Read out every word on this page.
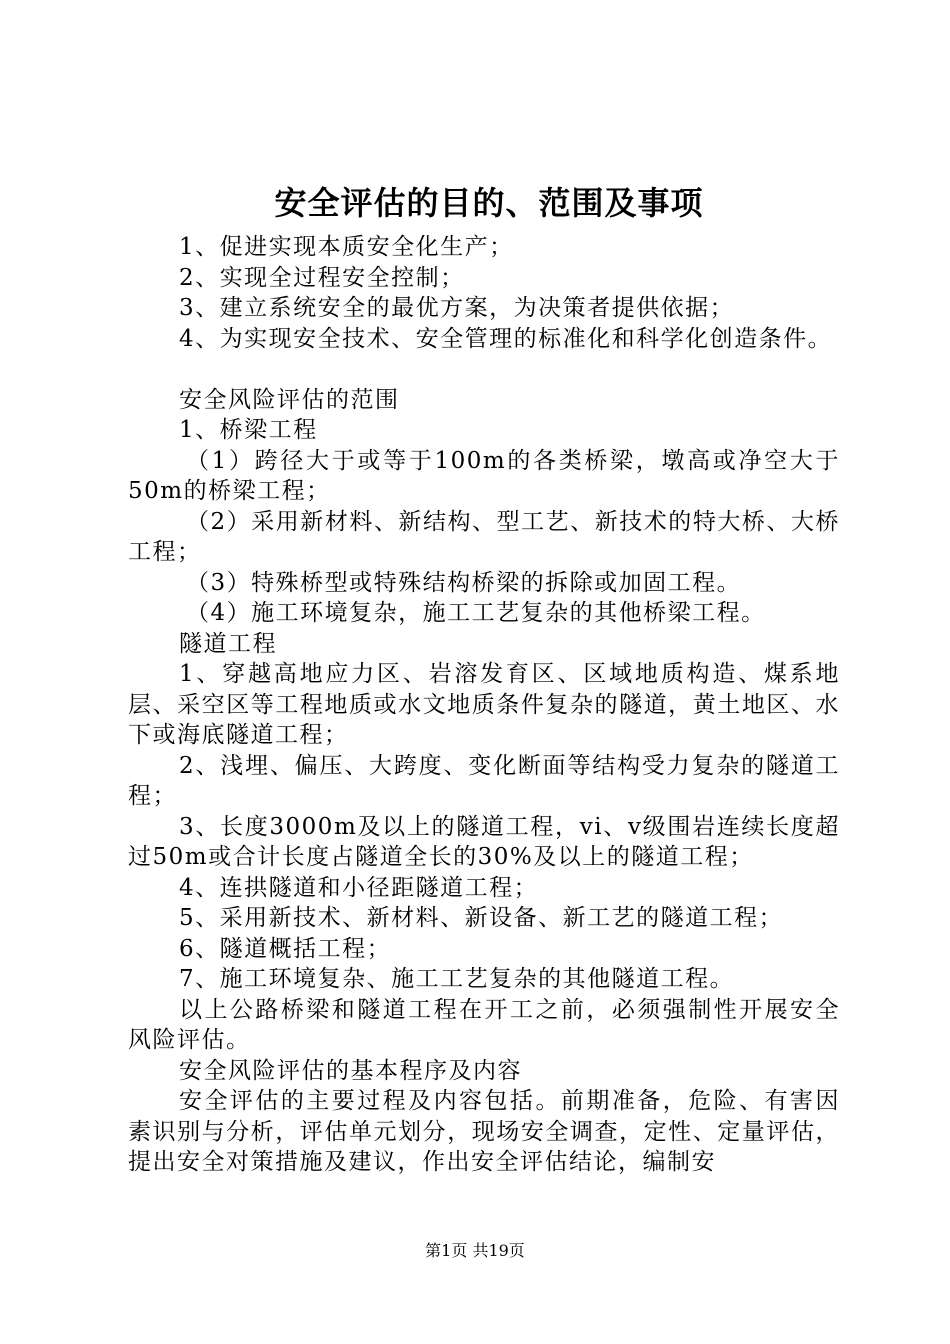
安全评估的目的、范围及事项

1、促进实现本质安全化生产；

2、实现全过程安全控制；

3、建立系统安全的最优方案，为决策者提供依据；

4、为实现安全技术、安全管理的标准化和科学化创造条件。

安全风险评估的范围

1、桥梁工程

（1）跨径大于或等于100m的各类桥梁，墩高或净空大于50m的桥梁工程；

（2）采用新材料、新结构、型工艺、新技术的特大桥、大桥工程；

（3）特殊桥型或特殊结构桥梁的拆除或加固工程。

（4）施工环境复杂，施工工艺复杂的其他桥梁工程。

隧道工程

1、穿越高地应力区、岩溶发育区、区域地质构造、煤系地层、采空区等工程地质或水文地质条件复杂的隧道，黄土地区、水下或海底隧道工程；

2、浅埋、偏压、大跨度、变化断面等结构受力复杂的隧道工程；

3、长度3000m及以上的隧道工程，vi、v级围岩连续长度超过50m或合计长度占隧道全长的30%及以上的隧道工程；

4、连拱隧道和小径距隧道工程；

5、采用新技术、新材料、新设备、新工艺的隧道工程；

6、隧道概括工程；

7、施工环境复杂、施工工艺复杂的其他隧道工程。

以上公路桥梁和隧道工程在开工之前，必须强制性开展安全风险评估。

安全风险评估的基本程序及内容

安全评估的主要过程及内容包括。前期准备，危险、有害因素识别与分析，评估单元划分，现场安全调查，定性、定量评估，提出安全对策措施及建议，作出安全评估结论，编制安

第1页 共19页
